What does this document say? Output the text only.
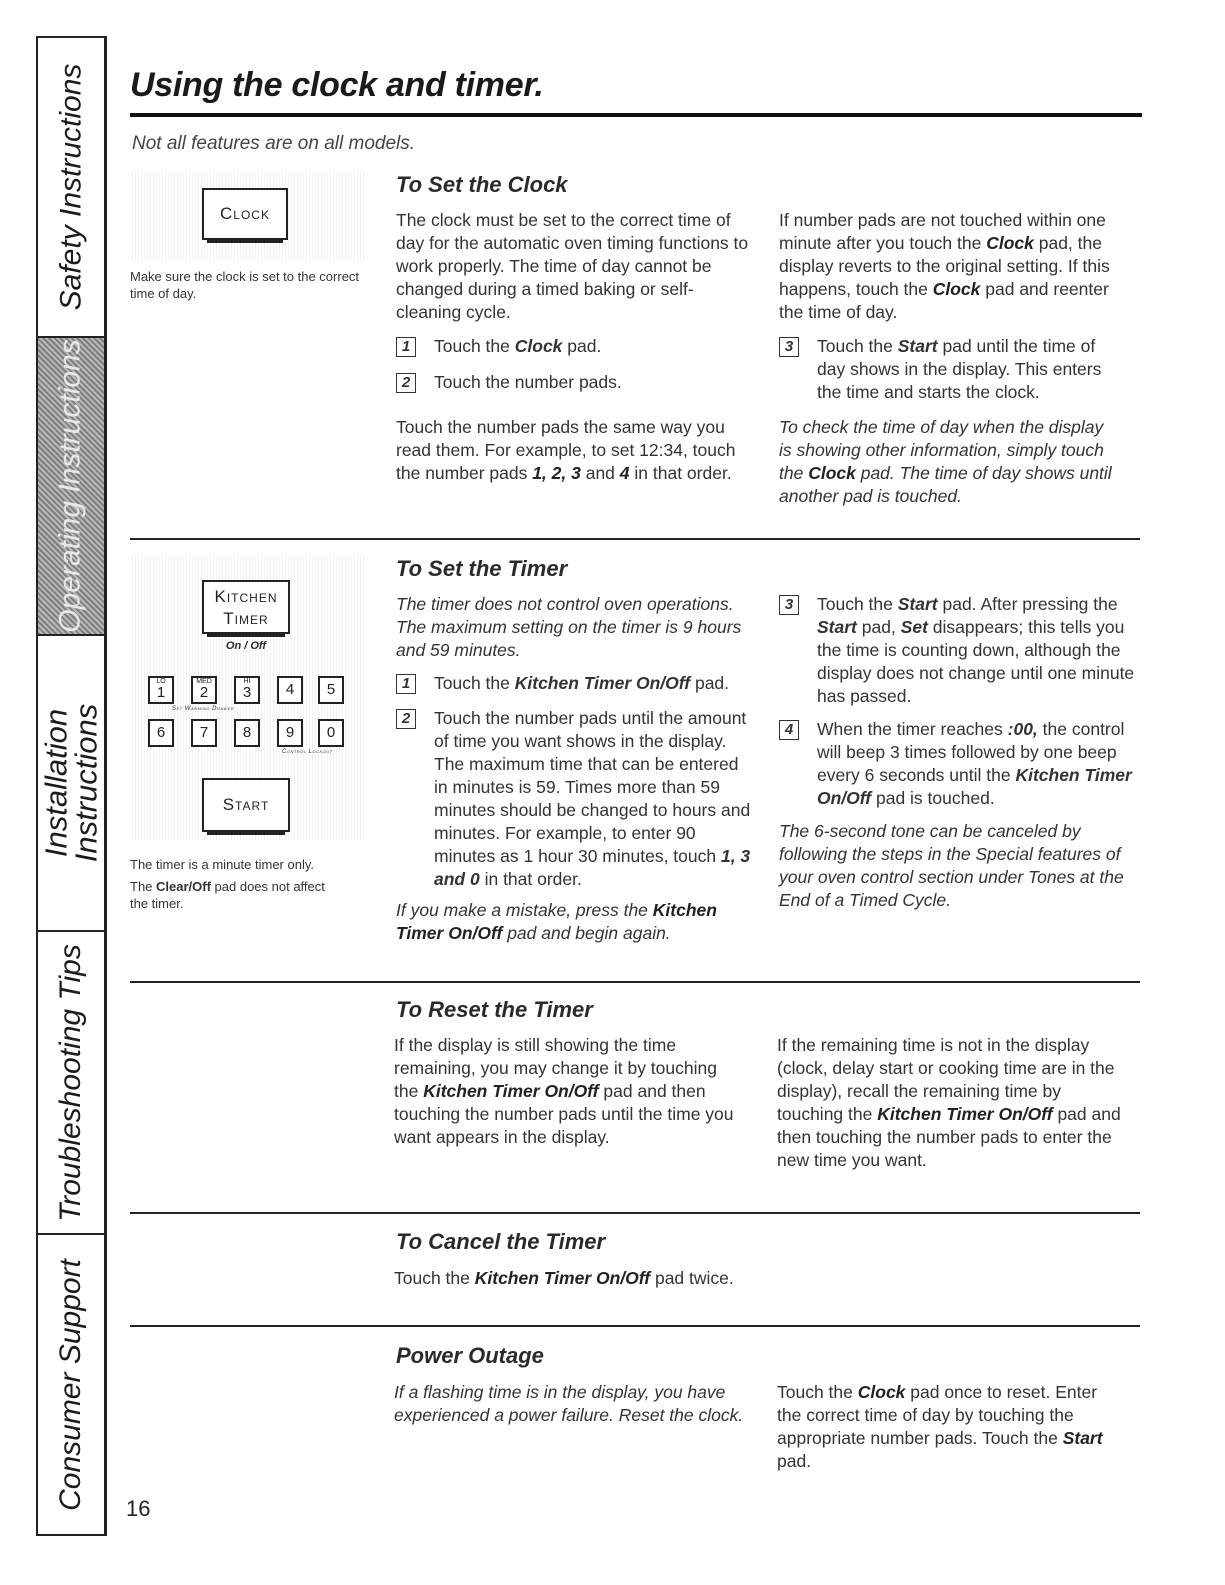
Safety Instructions
Operating Instructions
Installation Instructions
Troubleshooting Tips
Consumer Support
Using the clock and timer.
Not all features are on all models.
Clock
Make sure the clock is set to the correct time of day.
To Set the Clock
The clock must be set to the correct time of day for the automatic oven timing functions to work properly. The time of day cannot be changed during a timed baking or self-cleaning cycle.
1	Touch the Clock pad.
2	Touch the number pads.
Touch the number pads the same way you read them. For example, to set 12:34, touch the number pads 1, 2, 3 and 4 in that order.
If number pads are not touched within one minute after you touch the Clock pad, the display reverts to the original setting. If this happens, touch the Clock pad and reenter the time of day.
3	Touch the Start pad until the time of day shows in the display. This enters the time and starts the clock.
To check the time of day when the display is showing other information, simply touch the Clock pad. The time of day shows until another pad is touched.
Kitchen
Timer
On / Off
LO
1
MED
2
HI
3	4	5
Set Warming Drawer
6	7	8	9	0
Control Lockout
Start
The timer is a minute timer only.
The Clear/Off pad does not affect the timer.
To Set the Timer
The timer does not control oven operations. The maximum setting on the timer is 9 hours and 59 minutes.
1	Touch the Kitchen Timer On/Off pad.
2	Touch the number pads until the amount of time you want shows in the display. The maximum time that can be entered in minutes is 59. Times more than 59 minutes should be changed to hours and minutes. For example, to enter 90 minutes as 1 hour 30 minutes, touch 1, 3 and 0 in that order.
If you make a mistake, press the Kitchen Timer On/Off pad and begin again.
3	Touch the Start pad. After pressing the Start pad, Set disappears; this tells you the time is counting down, although the display does not change until one minute has passed.
4	When the timer reaches :00, the control will beep 3 times followed by one beep every 6 seconds until the Kitchen Timer On/Off pad is touched.
The 6-second tone can be canceled by following the steps in the Special features of your oven control section under Tones at the End of a Timed Cycle.
To Reset the Timer
If the display is still showing the time remaining, you may change it by touching the Kitchen Timer On/Off pad and then touching the number pads until the time you want appears in the display.
If the remaining time is not in the display (clock, delay start or cooking time are in the display), recall the remaining time by touching the Kitchen Timer On/Off pad and then touching the number pads to enter the new time you want.
To Cancel the Timer
Touch the Kitchen Timer On/Off pad twice.
Power Outage
If a flashing time is in the display, you have experienced a power failure. Reset the clock.
Touch the Clock pad once to reset. Enter the correct time of day by touching the appropriate number pads. Touch the Start pad.
16
